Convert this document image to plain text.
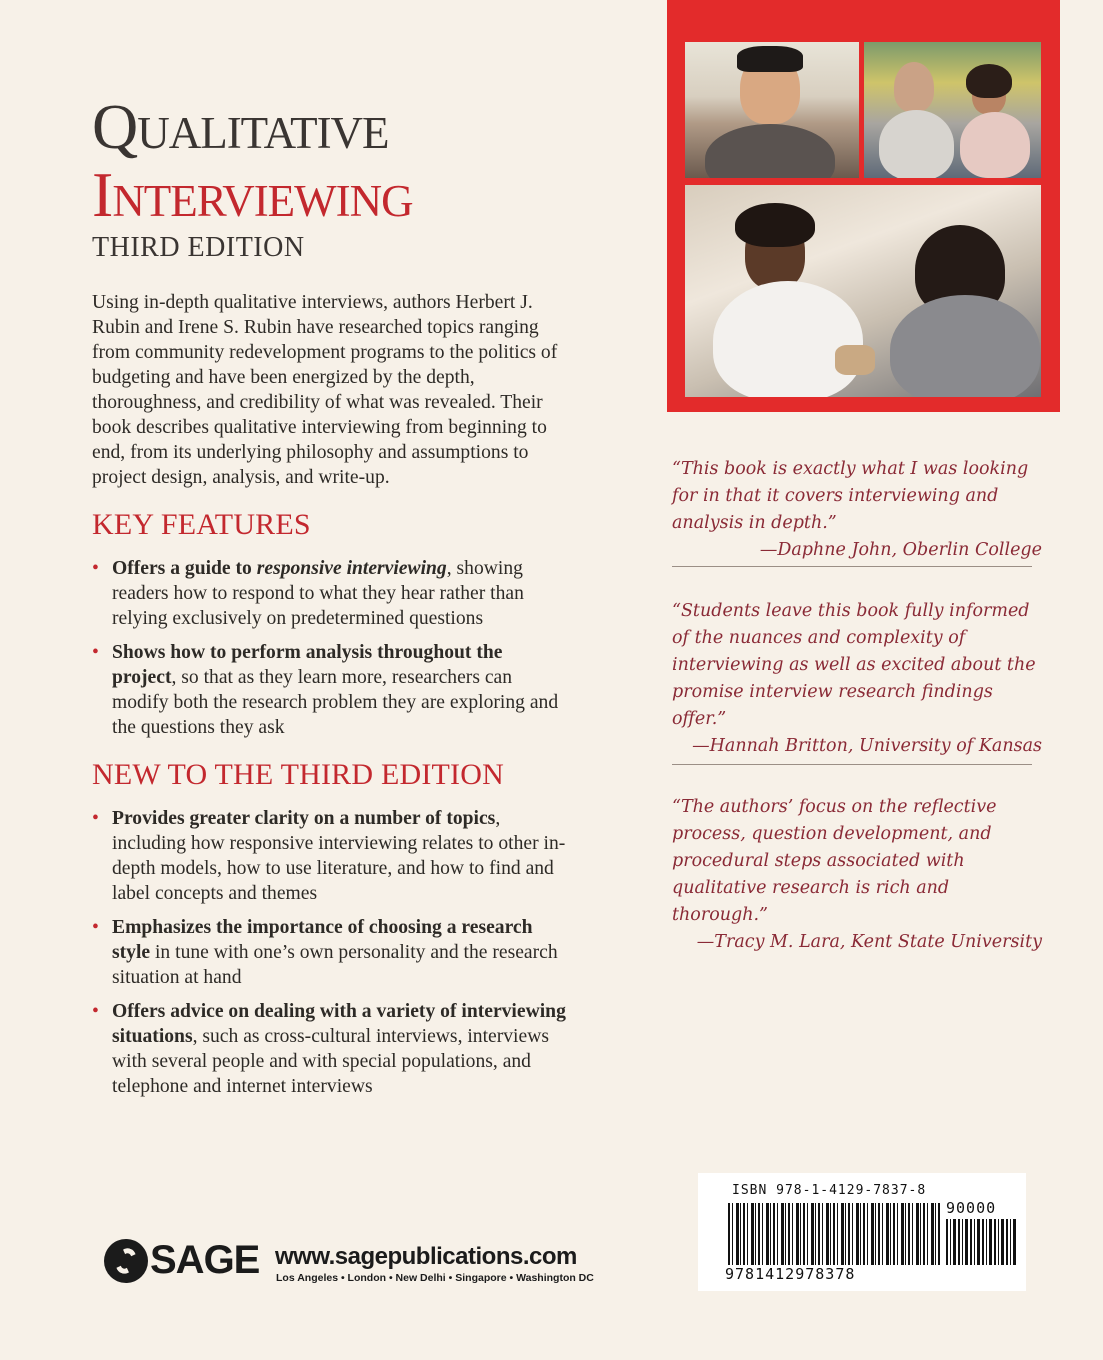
Qualitative
Interviewing
THIRD EDITION
Using in-depth qualitative interviews, authors Herbert J. Rubin and Irene S. Rubin have researched topics ranging from community redevelopment programs to the politics of budgeting and have been energized by the depth, thoroughness, and credibility of what was revealed. Their book describes qualitative interviewing from beginning to end, from its underlying philosophy and assumptions to project design, analysis, and write-up.
KEY FEATURES
• Offers a guide to responsive interviewing, showing readers how to respond to what they hear rather than relying exclusively on predetermined questions
• Shows how to perform analysis throughout the project, so that as they learn more, researchers can modify both the research problem they are exploring and the questions they ask
NEW TO THE THIRD EDITION
• Provides greater clarity on a number of topics, including how responsive interviewing relates to other in-depth models, how to use literature, and how to find and label concepts and themes
• Emphasizes the importance of choosing a research style in tune with one’s own personality and the research situation at hand
• Offers advice on dealing with a variety of interviewing situations, such as cross-cultural interviews, interviews with several people and with special populations, and telephone and internet interviews
“This book is exactly what I was looking for in that it covers interviewing and analysis in depth.”
—Daphne John, Oberlin College
“Students leave this book fully informed of the nuances and complexity of interviewing as well as excited about the promise interview research findings offer.”
—Hannah Britton, University of Kansas
“The authors’ focus on the reflective process, question development, and procedural steps associated with qualitative research is rich and thorough.”
—Tracy M. Lara, Kent State University
ISBN 978-1-4129-7837-8
90000
9781412978378
SAGE www.sagepublications.com
Los Angeles • London • New Delhi • Singapore • Washington DC
